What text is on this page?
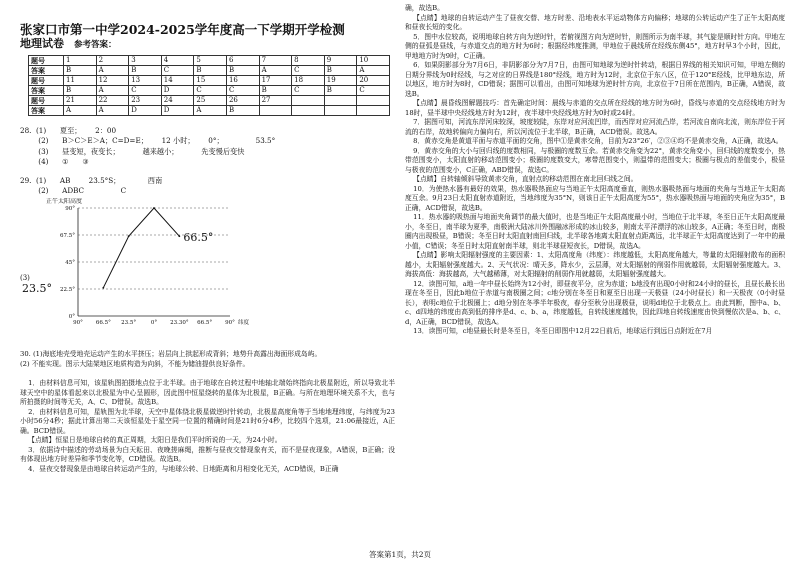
张家口市第一中学2024-2025学年度高一下学期开学检测
地理试卷 参考答案：
题号	1	2	3	4	5	6	7	8	9	10
答案	B	A	B	C	B	B	A	C	B	A
题号	11	12	13	14	15	16	17	18	19	20
答案	B	A	C	D	C	C	B	C	B	C
题号	21	22	23	24	25	26	27			
答案	A	A	D	D	A	B				
28.  (1)      夏至；      2：00
(2)      B＞C＞E＞A；C=D=E；      12 小时；      0°；              53.5°
(3)      昼变短，夜变长；          越来越小；          先变慢后变快
(4)      ①      ③
29.  (1)      AB        23.5°S；            西南
(2)      ADBC                C
正午太阳高度
0°
22.5°
45°
67.5°
90°
90° 66.5° 23.5°	0° 23.30° 66.5° 90° 纬度
66.5°
23.5°
(3)

30. (1)海底地壳受地壳运动产生的水平挤压；岩层向上拱起形成背斜；地势升高露出海面形成岛屿。

(2) 不能实现。图示大陆架地区地质构造为向斜，不能为储油提供良好条件。

1．由材料信息可知，该星轨图拍摄地点位于北半球。由于地球在自转过程中地轴北端始终指向北极星附近，所以导致北半球天空中的星体看起来以北极星为中心呈圆形，因此图中恒星绕转的星体为北极星，B正确。与所在地理环境关系不大，也与所拍摄的时间等无关，A、C、D错误。故选B。

2．由材料信息可知，星轨图为北半球，天空中星体绕北极星做逆时针转动，北极星高度角等于当地地理纬度，与纬度为23小时56分4秒；据此计算出第二天该恒星处于星空同一位置的精确时间是21时6分4秒，比较四个选项，21:06最接近，A正确。BCD错误。

【点睛】恒星日是地球自转的真正周期，太阳日是我们平时所说的一天，为24小时。

3．依据诗中描述的劳动场景为白天耘田、夜晚搓麻绳，推断与昼夜交替现象有关，而不是昼夜现象，A错误，B正确；没有体现出地方时差异和季节变化等，CD错误。故选B。

4．昼夜交替现象是由地球自转运动产生的，与地球公转、日地距离和月相变化无关，ACD错误，B正确

确，故选B。

【点睛】地球的自转运动产生了昼夜交替、地方时差、沿地表水平运动物体方向偏移；地球的公转运动产生了正午太阳高度和昼夜长短的变化。

5．图中水位较高，说明地球自转方向为逆时针，若俯视图方向为逆时针，则图所示为南半球，其气旋是顺时针方向。甲地左侧的昼弧是昼线，与赤道交点的地方时为6时；根据经纬度推测，甲地位于晨线所在经线东侧45°，地方时早3个小时，因此，甲地地方时为9时，C正确。

6．如果阴影部分为7月6日，非阴影部分为7月7日，由图可知地球为逆时针转动，根据日界线的相关知识可知，甲地左侧的日期分界线为0时经线，与之对应的日界线是180°经线，地方时为12时，北京位于东八区，位于120°E经线，比甲地东边，所以地区，地方时为8时，CD错误；据图可以看出，由图可知地球为逆时针方向，北京位于7日所在范围内，B正确，A错误，故选B。

【点睛】晨昏线图解题技巧：首先确定时间：晨线与赤道的交点所在经线的地方时为6时，昏线与赤道的交点经线地方时为18时，昼半球中央经线地方时为12时，夜半球中央经线地方时为0时或24时。

7．据图可知，河流东岸河床较深，坡度较陡，东岸对应河流凹岸，而西岸对应河流凸岸，若河流自南向北流，则东岸位于河流的右岸，故地转偏向力偏向右，所以河流位于北半球，B正确，ACD错误。故选A。

8．黄赤交角是黄道平面与赤道平面的交角，图中①是黄赤交角，目前为23°26′，②③④均不是黄赤交角，A正确，故选A。

9．黄赤交角的大小与回归线的度数相同，与极圈的度数互余。若黄赤交角变为22°，黄赤交角变小，回归线的度数变小，热带范围变小，太阳直射的移动范围变小；极圈的度数变大，寒带范围变小，则温带的范围变大；极圈与极点的差值变小，极昼与极夜的范围变小，C正确，ABD错误，故选C。

【点睛】自转轴倾斜导致黄赤交角，直射点的移动范围在南北回归线之间。

10．为使热水器有最好的效果，热水器吸热面应与当地正午太阳高度垂直，则热水器吸热面与地面的夹角与当地正午太阳高度互余。9月23日太阳直射赤道附近，当地纬度为35°N，则该日正午太阳高度为55°，热水器吸热面与地面的夹角应为35°，B正确，ACD错误，故选B。

11．热水器的吸热面与地面夹角调节的最大值时，也是当地正午太阳高度最小时，当地位于北半球，冬至日正午太阳高度最小，冬至日，南半球为夏季，南极洲大陆冰川外围融冰形成的冰山较多，则南太平洋漂浮的冰山较多，A正确；冬至日时，南极圈内出现极昼，B错误；冬至日时太阳直射南回归线，北半球各地离太阳直射点距离远，北半球正午太阳高度达到了一年中的最小值，C错误；冬至日时太阳直射南半球，则北半球昼短夜长，D错误，故选A。

【点睛】影响太阳辐射强度的主要因素：1、太阳高度角（纬度）：纬度越低，太阳高度角越大，等量的太阳辐射散布的面积越小，太阳辐射强度越大。2、天气状况：晴天多，降水少，云层薄，对太阳辐射的削弱作用就越弱，太阳辐射强度越大。3、海拔高低：海拔越高，大气越稀薄，对太阳辐射的削弱作用就越弱，太阳辐射强度越大。

12．读图可知，a地一年中昼长始终为12小时，即昼夜平分，应为赤道；b地没有出现0小时和24小时的昼长，且昼长最长出现在冬至日，因此b地位于赤道与南极圈之间；c地分别在冬至日和夏至日出现一天极昼（24小时昼长）和一天极夜（0小时昼长），表明c地位于北极圈上；d地分别在冬季半年极夜，春分至秋分出现极昼，说明d地位于北极点上。由此判断，图中a、b、c、d四地的纬度由高到低的排序是d、c、b、a，纬度越低，自转线速度越快，因此四地自转线速度由快到慢依次是a、b、c、d，A正确，BCD错误，故选A。

13．读图可知，c地昼最长时是冬至日，冬至日即图中12月22日前后，地球运行到远日点附近在7月

答案第1页，共2页
